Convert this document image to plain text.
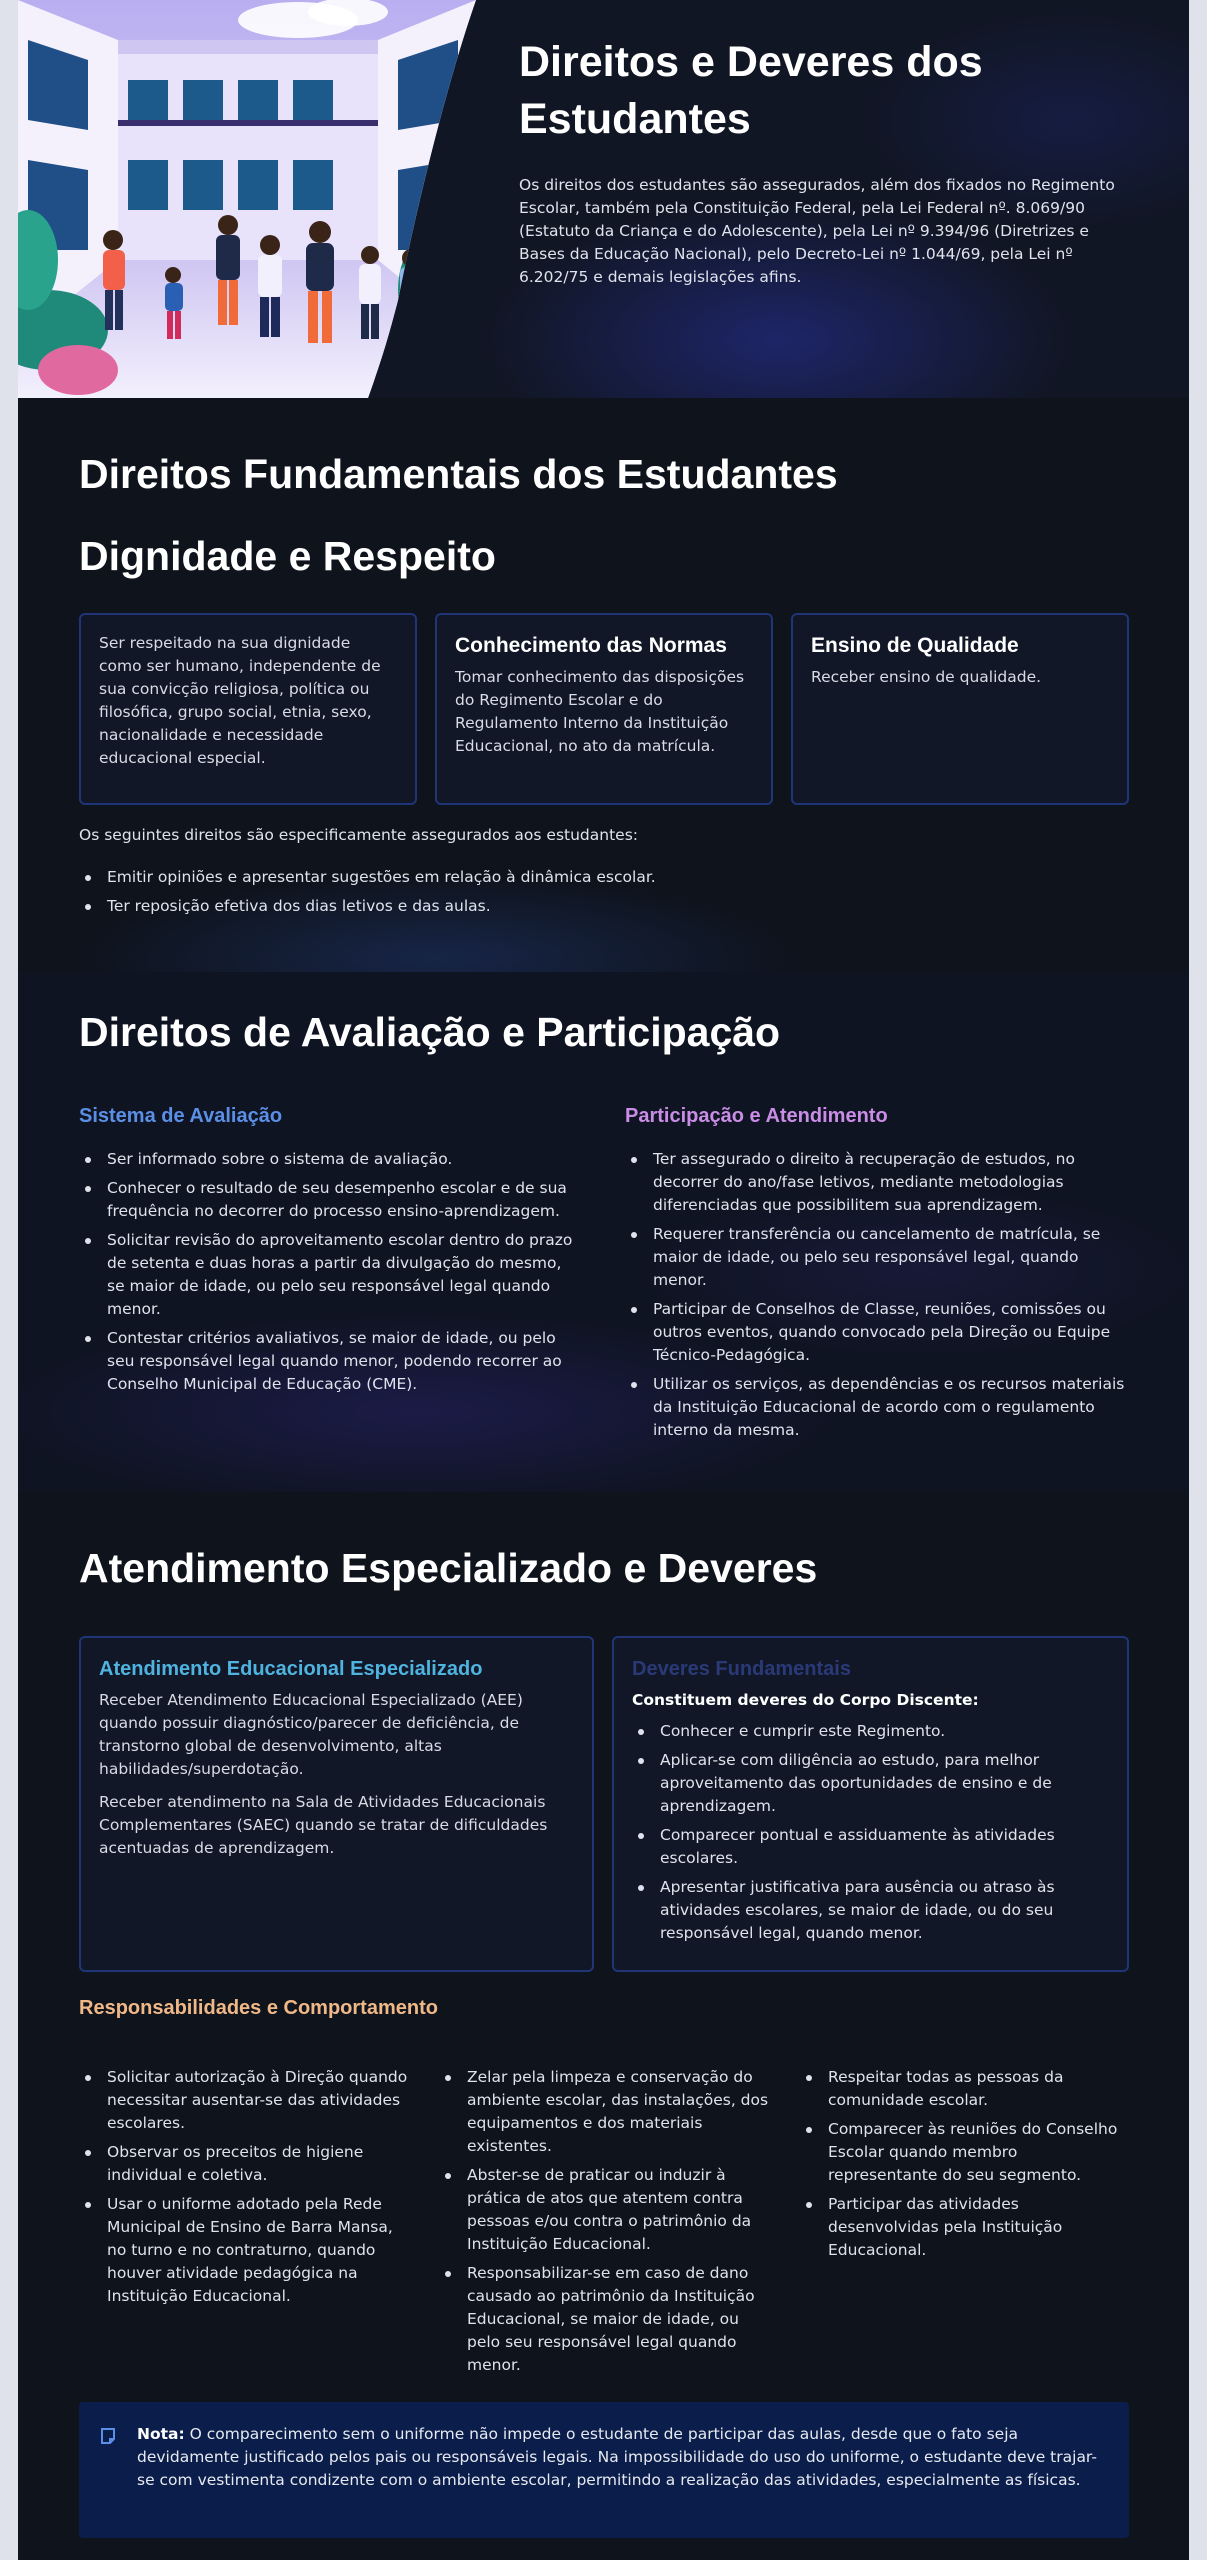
Direitos e Deveres dos Estudantes

Os direitos dos estudantes são assegurados, além dos fixados no Regimento Escolar, também pela Constituição Federal, pela Lei Federal nº. 8.069/90 (Estatuto da Criança e do Adolescente), pela Lei nº 9.394/96 (Diretrizes e Bases da Educação Nacional), pelo Decreto-Lei nº 1.044/69, pela Lei nº 6.202/75 e demais legislações afins.

Direitos Fundamentais dos Estudantes
Dignidade e Respeito

Ser respeitado na sua dignidade como ser humano, independente de sua convicção religiosa, política ou filosófica, grupo social, etnia, sexo, nacionalidade e necessidade educacional especial.

Conhecimento das Normas

Tomar conhecimento das disposições do Regimento Escolar e do Regulamento Interno da Instituição Educacional, no ato da matrícula.

Ensino de Qualidade

Receber ensino de qualidade.

Os seguintes direitos são especificamente assegurados aos estudantes:

Emitir opiniões e apresentar sugestões em relação à dinâmica escolar.
Ter reposição efetiva dos dias letivos e das aulas.
Direitos de Avaliação e Participação
Sistema de Avaliação
Ser informado sobre o sistema de avaliação.
Conhecer o resultado de seu desempenho escolar e de sua frequência no decorrer do processo ensino-aprendizagem.
Solicitar revisão do aproveitamento escolar dentro do prazo de setenta e duas horas a partir da divulgação do mesmo, se maior de idade, ou pelo seu responsável legal quando menor.
Contestar critérios avaliativos, se maior de idade, ou pelo seu responsável legal quando menor, podendo recorrer ao Conselho Municipal de Educação (CME).
Participação e Atendimento
Ter assegurado o direito à recuperação de estudos, no decorrer do ano/fase letivos, mediante metodologias diferenciadas que possibilitem sua aprendizagem.
Requerer transferência ou cancelamento de matrícula, se maior de idade, ou pelo seu responsável legal, quando menor.
Participar de Conselhos de Classe, reuniões, comissões ou outros eventos, quando convocado pela Direção ou Equipe Técnico-Pedagógica.
Utilizar os serviços, as dependências e os recursos materiais da Instituição Educacional de acordo com o regulamento interno da mesma.
Atendimento Especializado e Deveres
Atendimento Educacional Especializado

Receber Atendimento Educacional Especializado (AEE) quando possuir diagnóstico/parecer de deficiência, de transtorno global de desenvolvimento, altas habilidades/superdotação.

Receber atendimento na Sala de Atividades Educacionais Complementares (SAEC) quando se tratar de dificuldades acentuadas de aprendizagem.

Deveres Fundamentais

Constituem deveres do Corpo Discente:

Conhecer e cumprir este Regimento.
Aplicar-se com diligência ao estudo, para melhor aproveitamento das oportunidades de ensino e de aprendizagem.
Comparecer pontual e assiduamente às atividades escolares.
Apresentar justificativa para ausência ou atraso às atividades escolares, se maior de idade, ou do seu responsável legal, quando menor.
Responsabilidades e Comportamento
Solicitar autorização à Direção quando necessitar ausentar-se das atividades escolares.
Observar os preceitos de higiene individual e coletiva.
Usar o uniforme adotado pela Rede Municipal de Ensino de Barra Mansa, no turno e no contraturno, quando houver atividade pedagógica na Instituição Educacional.
Zelar pela limpeza e conservação do ambiente escolar, das instalações, dos equipamentos e dos materiais existentes.
Abster-se de praticar ou induzir à prática de atos que atentem contra pessoas e/ou contra o patrimônio da Instituição Educacional.
Responsabilizar-se em caso de dano causado ao patrimônio da Instituição Educacional, se maior de idade, ou pelo seu responsável legal quando menor.
Respeitar todas as pessoas da comunidade escolar.
Comparecer às reuniões do Conselho Escolar quando membro representante do seu segmento.
Participar das atividades desenvolvidas pela Instituição Educacional.

Nota: O comparecimento sem o uniforme não impede o estudante de participar das aulas, desde que o fato seja devidamente justificado pelos pais ou responsáveis legais. Na impossibilidade do uso do uniforme, o estudante deve trajar-se com vestimenta condizente com o ambiente escolar, permitindo a realização das atividades, especialmente as físicas.
